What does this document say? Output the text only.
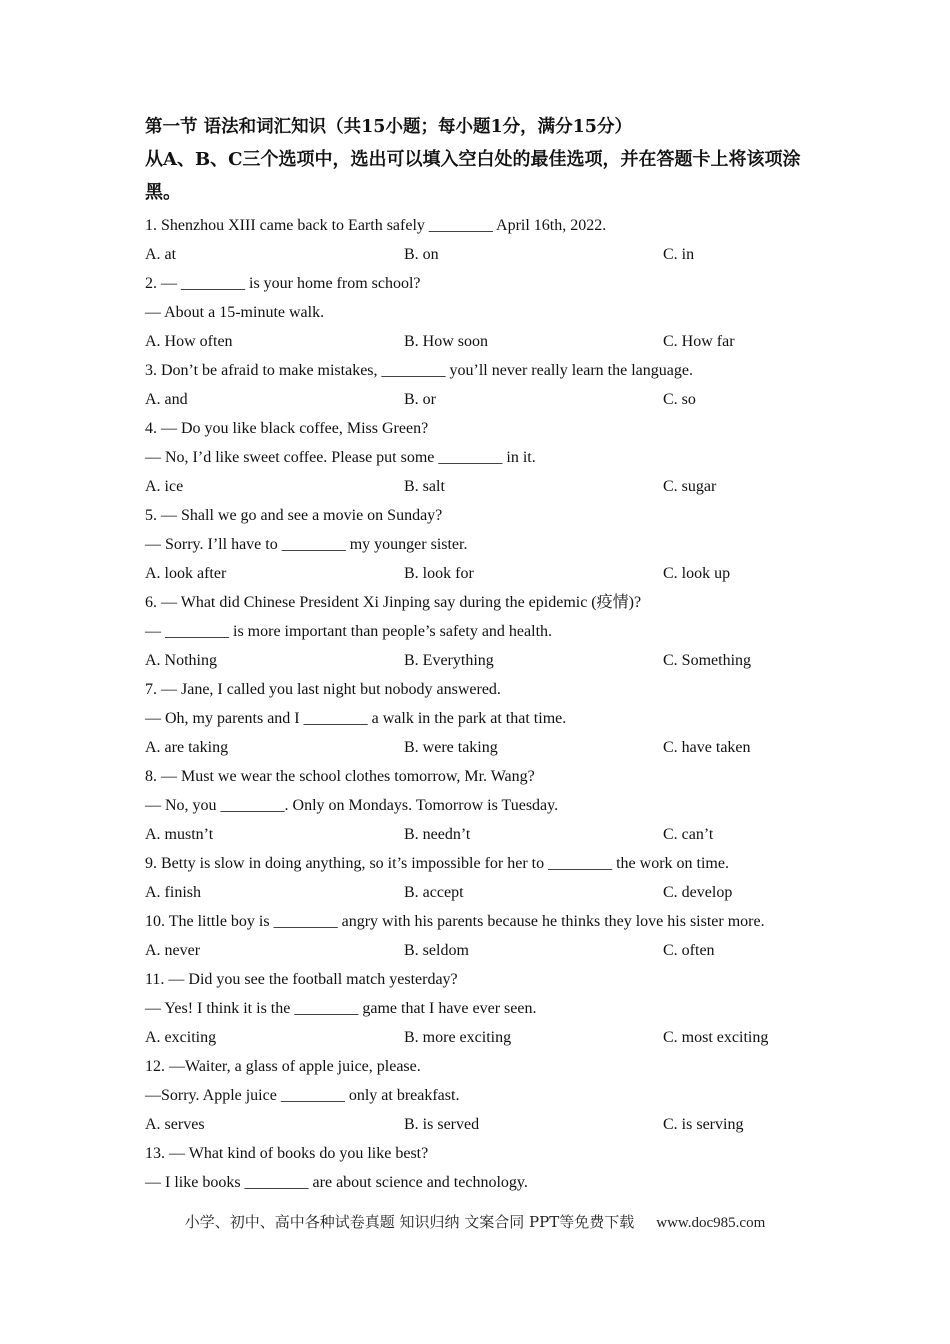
第一节 语法和词汇知识（共15小题；每小题1分，满分15分）

从A、B、C三个选项中，选出可以填入空白处的最佳选项，并在答题卡上将该项涂黑。

1. Shenzhou XIII came back to Earth safely ________ April 16th, 2022.

A. at	B. on	C. in

2. — ________ is your home from school?

— About a 15-minute walk.

A. How often	B. How soon	C. How far

3. Don’t be afraid to make mistakes, ________ you’ll never really learn the language.

A. and	B. or	C. so

4. — Do you like black coffee, Miss Green?

— No, I’d like sweet coffee. Please put some ________ in it.

A. ice	B. salt	C. sugar

5. — Shall we go and see a movie on Sunday?

— Sorry. I’ll have to ________ my younger sister.

A. look after	B. look for	C. look up

6. — What did Chinese President Xi Jinping say during the epidemic (疫情)?

— ________ is more important than people’s safety and health.

A. Nothing	B. Everything	C. Something

7. — Jane, I called you last night but nobody answered.

— Oh, my parents and I ________ a walk in the park at that time.

A. are taking	B. were taking	C. have taken

8. — Must we wear the school clothes tomorrow, Mr. Wang?

— No, you ________. Only on Mondays. Tomorrow is Tuesday.

A. mustn’t	B. needn’t	C. can’t

9. Betty is slow in doing anything, so it’s impossible for her to ________ the work on time.

A. finish	B. accept	C. develop

10. The little boy is ________ angry with his parents because he thinks they love his sister more.

A. never	B. seldom	C. often

11. — Did you see the football match yesterday?

— Yes! I think it is the ________ game that I have ever seen.

A. exciting	B. more exciting	C. most exciting

12. —Waiter, a glass of apple juice, please.

—Sorry. Apple juice ________ only at breakfast.

A. serves	B. is served	C. is serving

13. — What kind of books do you like best?

— I like books ________ are about science and technology.

小学、初中、高中各种试卷真题 知识归纳 文案合同 PPT等免费下载 www.doc985.com
